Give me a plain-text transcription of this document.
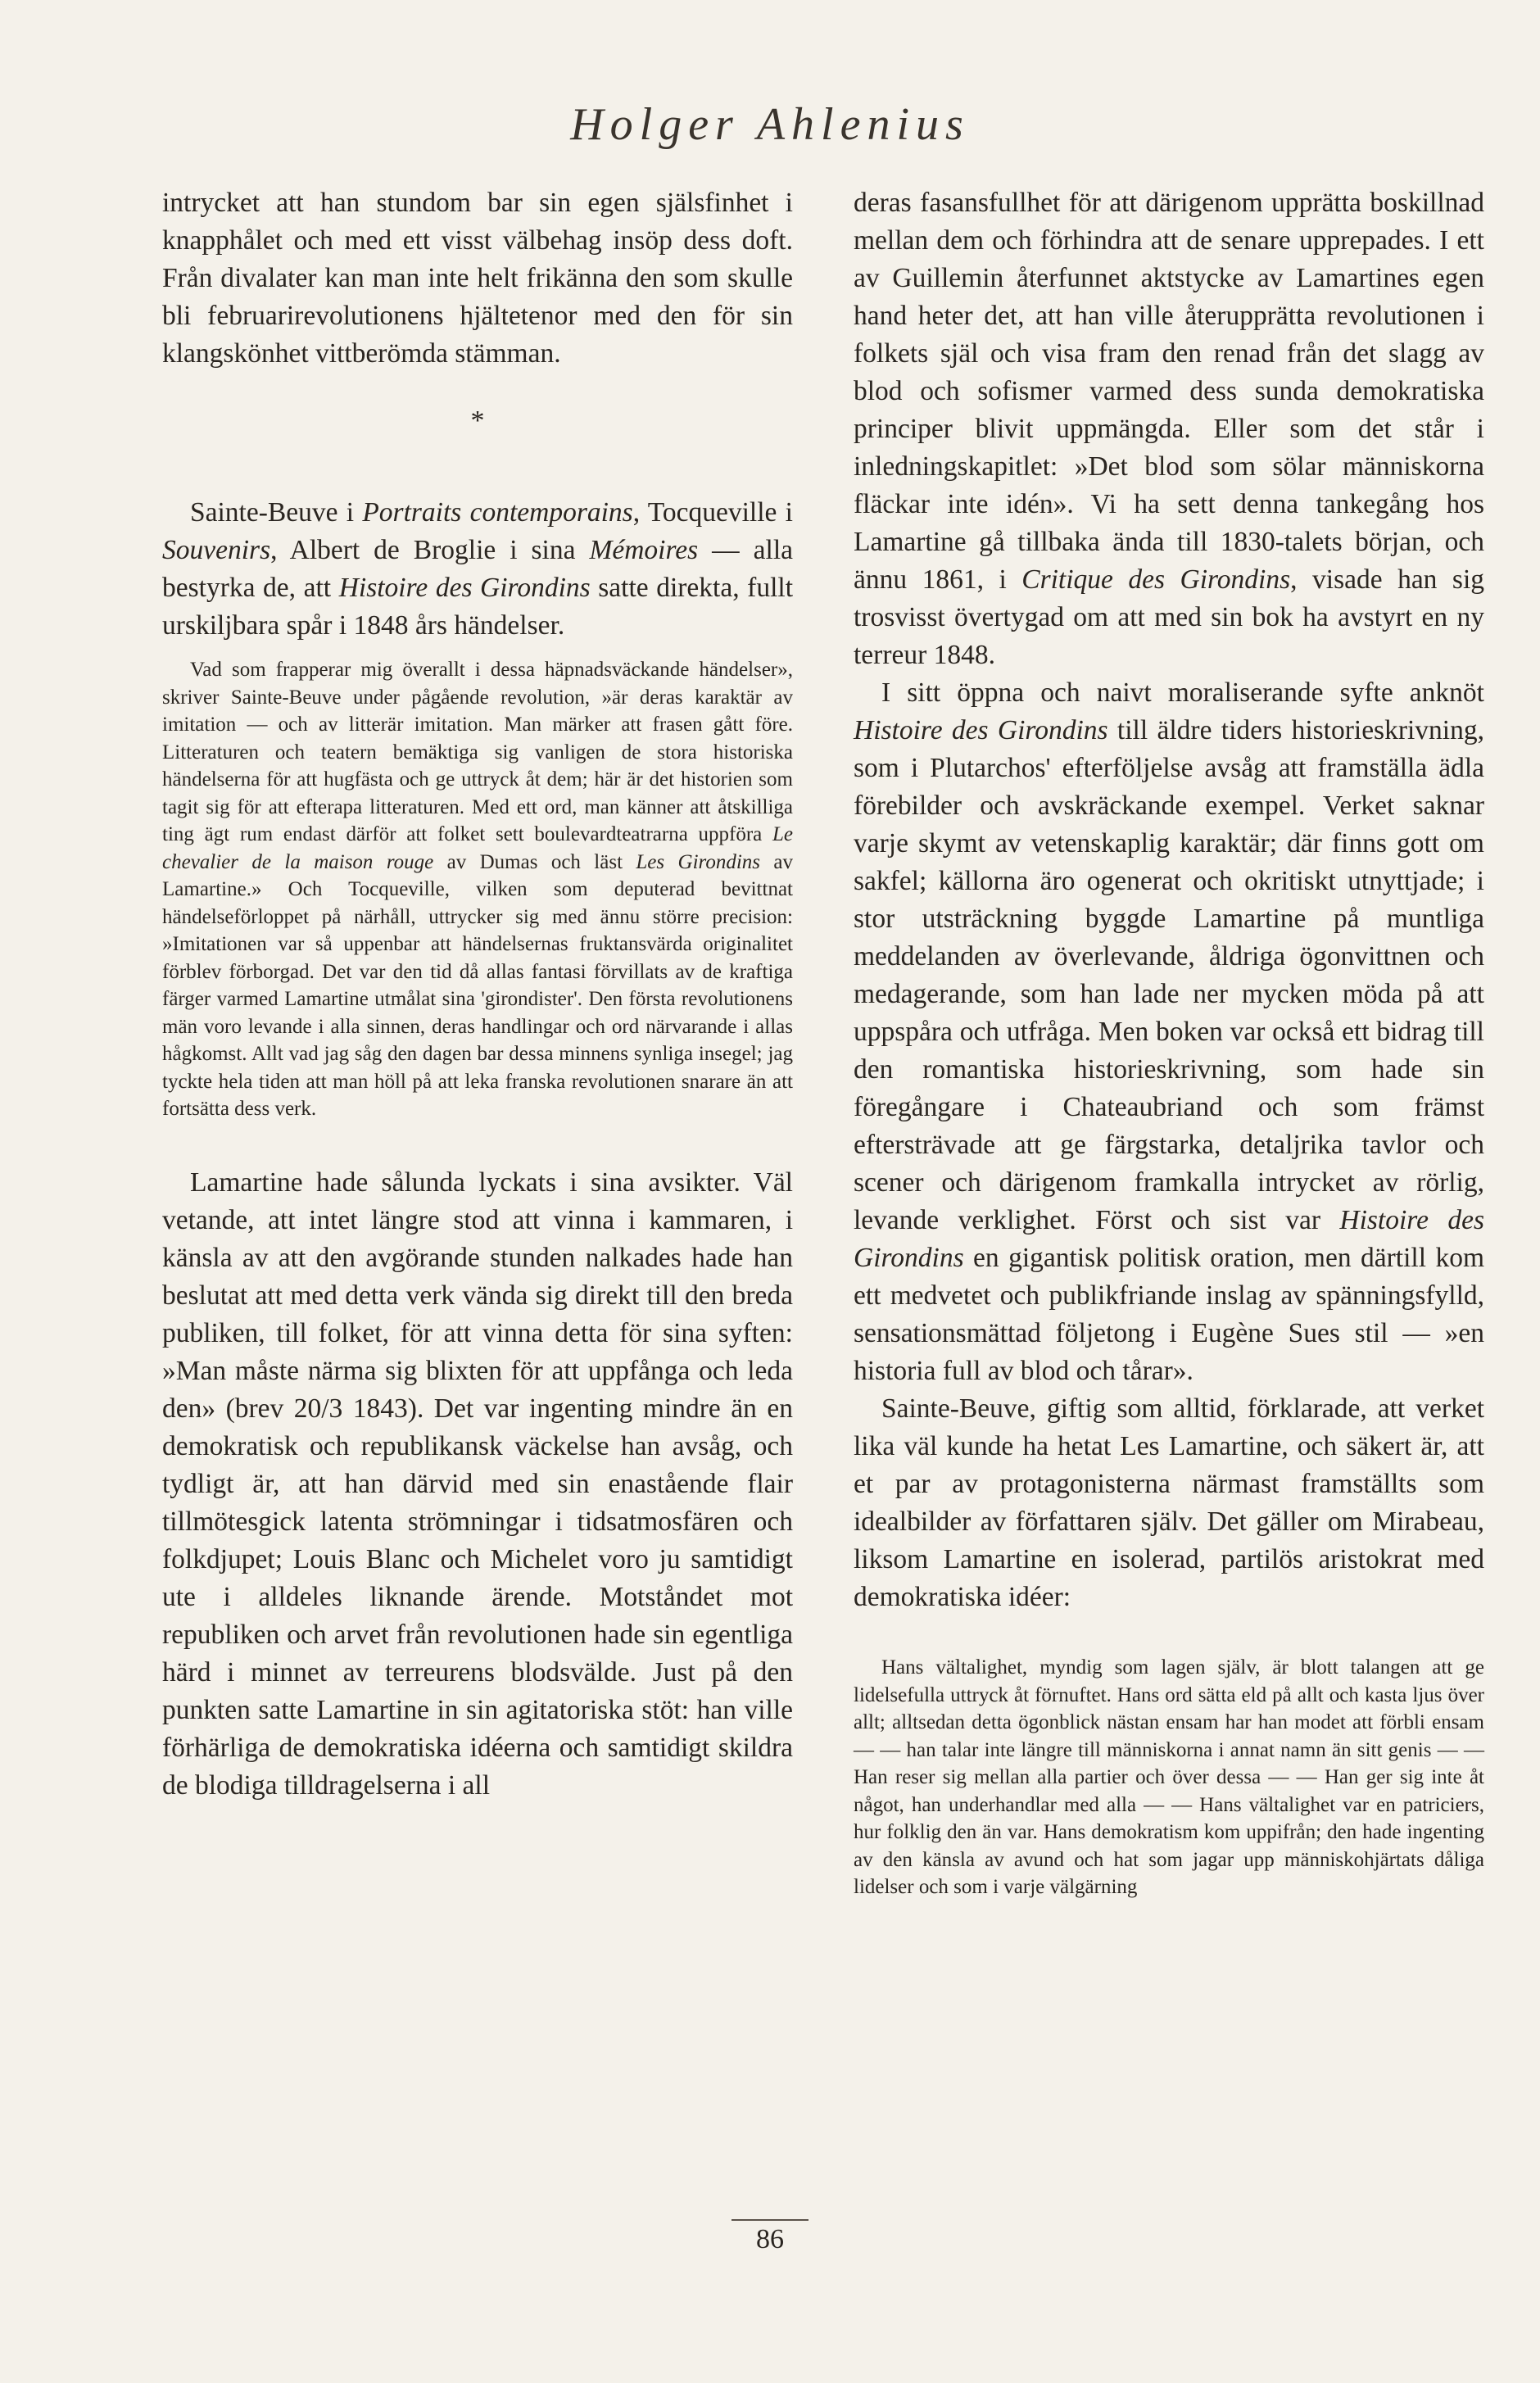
Holger Ahlenius

intrycket att han stundom bar sin egen själsfinhet i knapphålet och med ett visst välbehag insöp dess doft. Från divalater kan man inte helt frikänna den som skulle bli februarirevolutionens hjältetenor med den för sin klangskönhet vittberömda stämman.

*

Sainte-Beuve i Portraits contemporains, Tocqueville i Souvenirs, Albert de Broglie i sina Mémoires — alla bestyrka de, att Histoire des Girondins satte direkta, fullt urskiljbara spår i 1848 års händelser.

Vad som frapperar mig överallt i dessa häpnadsväckande händelser», skriver Sainte-Beuve under pågående revolution, »är deras karaktär av imitation — och av litterär imitation. Man märker att frasen gått före. Litteraturen och teatern bemäktiga sig vanligen de stora historiska händelserna för att hugfästa och ge uttryck åt dem; här är det historien som tagit sig för att efterapa litteraturen. Med ett ord, man känner att åtskilliga ting ägt rum endast därför att folket sett boulevardteatrarna uppföra Le chevalier de la maison rouge av Dumas och läst Les Girondins av Lamartine.» Och Tocqueville, vilken som deputerad bevittnat händelseförloppet på närhåll, uttrycker sig med ännu större precision: »Imitationen var så uppenbar att händelsernas fruktansvärda originalitet förblev förborgad. Det var den tid då allas fantasi förvillats av de kraftiga färger varmed Lamartine utmålat sina 'girondister'. Den första revolutionens män voro levande i alla sinnen, deras handlingar och ord närvarande i allas hågkomst. Allt vad jag såg den dagen bar dessa minnens synliga insegel; jag tyckte hela tiden att man höll på att leka franska revolutionen snarare än att fortsätta dess verk.

Lamartine hade sålunda lyckats i sina avsikter. Väl vetande, att intet längre stod att vinna i kammaren, i känsla av att den avgörande stunden nalkades hade han beslutat att med detta verk vända sig direkt till den breda publiken, till folket, för att vinna detta för sina syften: »Man måste närma sig blixten för att uppfånga och leda den» (brev 20/3 1843). Det var ingenting mindre än en demokratisk och republikansk väckelse han avsåg, och tydligt är, att han därvid med sin enastående flair tillmötesgick latenta strömningar i tidsatmosfären och folkdjupet; Louis Blanc och Michelet voro ju samtidigt ute i alldeles liknande ärende. Motståndet mot republiken och arvet från revolutionen hade sin egentliga härd i minnet av terreurens blodsvälde. Just på den punkten satte Lamartine in sin agitatoriska stöt: han ville förhärliga de demokratiska idéerna och samtidigt skildra de blodiga tilldragelserna i all

deras fasansfullhet för att därigenom upprätta boskillnad mellan dem och förhindra att de senare upprepades. I ett av Guillemin återfunnet aktstycke av Lamartines egen hand heter det, att han ville återupprätta revolutionen i folkets själ och visa fram den renad från det slagg av blod och sofismer varmed dess sunda demokratiska principer blivit uppmängda. Eller som det står i inledningskapitlet: »Det blod som sölar människorna fläckar inte idén». Vi ha sett denna tankegång hos Lamartine gå tillbaka ända till 1830-talets början, och ännu 1861, i Critique des Girondins, visade han sig trosvisst övertygad om att med sin bok ha avstyrt en ny terreur 1848.

I sitt öppna och naivt moraliserande syfte anknöt Histoire des Girondins till äldre tiders historieskrivning, som i Plutarchos' efterföljelse avsåg att framställa ädla förebilder och avskräckande exempel. Verket saknar varje skymt av vetenskaplig karaktär; där finns gott om sakfel; källorna äro ogenerat och okritiskt utnyttjade; i stor utsträckning byggde Lamartine på muntliga meddelanden av överlevande, åldriga ögonvittnen och medagerande, som han lade ner mycken möda på att uppspåra och utfråga. Men boken var också ett bidrag till den romantiska historieskrivning, som hade sin föregångare i Chateaubriand och som främst eftersträvade att ge färgstarka, detaljrika tavlor och scener och därigenom framkalla intrycket av rörlig, levande verklighet. Först och sist var Histoire des Girondins en gigantisk politisk oration, men därtill kom ett medvetet och publikfriande inslag av spänningsfylld, sensationsmättad följetong i Eugène Sues stil — »en historia full av blod och tårar».

Sainte-Beuve, giftig som alltid, förklarade, att verket lika väl kunde ha hetat Les Lamartine, och säkert är, att et par av protagonisterna närmast framställts som idealbilder av författaren själv. Det gäller om Mirabeau, liksom Lamartine en isolerad, partilös aristokrat med demokratiska idéer:

Hans vältalighet, myndig som lagen själv, är blott talangen att ge lidelsefulla uttryck åt förnuftet. Hans ord sätta eld på allt och kasta ljus över allt; alltsedan detta ögonblick nästan ensam har han modet att förbli ensam — — han talar inte längre till människorna i annat namn än sitt genis — — Han reser sig mellan alla partier och över dessa — — Han ger sig inte åt något, han underhandlar med alla — — Hans vältalighet var en patriciers, hur folklig den än var. Hans demokratism kom uppifrån; den hade ingenting av den känsla av avund och hat som jagar upp människohjärtats dåliga lidelser och som i varje välgärning

86
